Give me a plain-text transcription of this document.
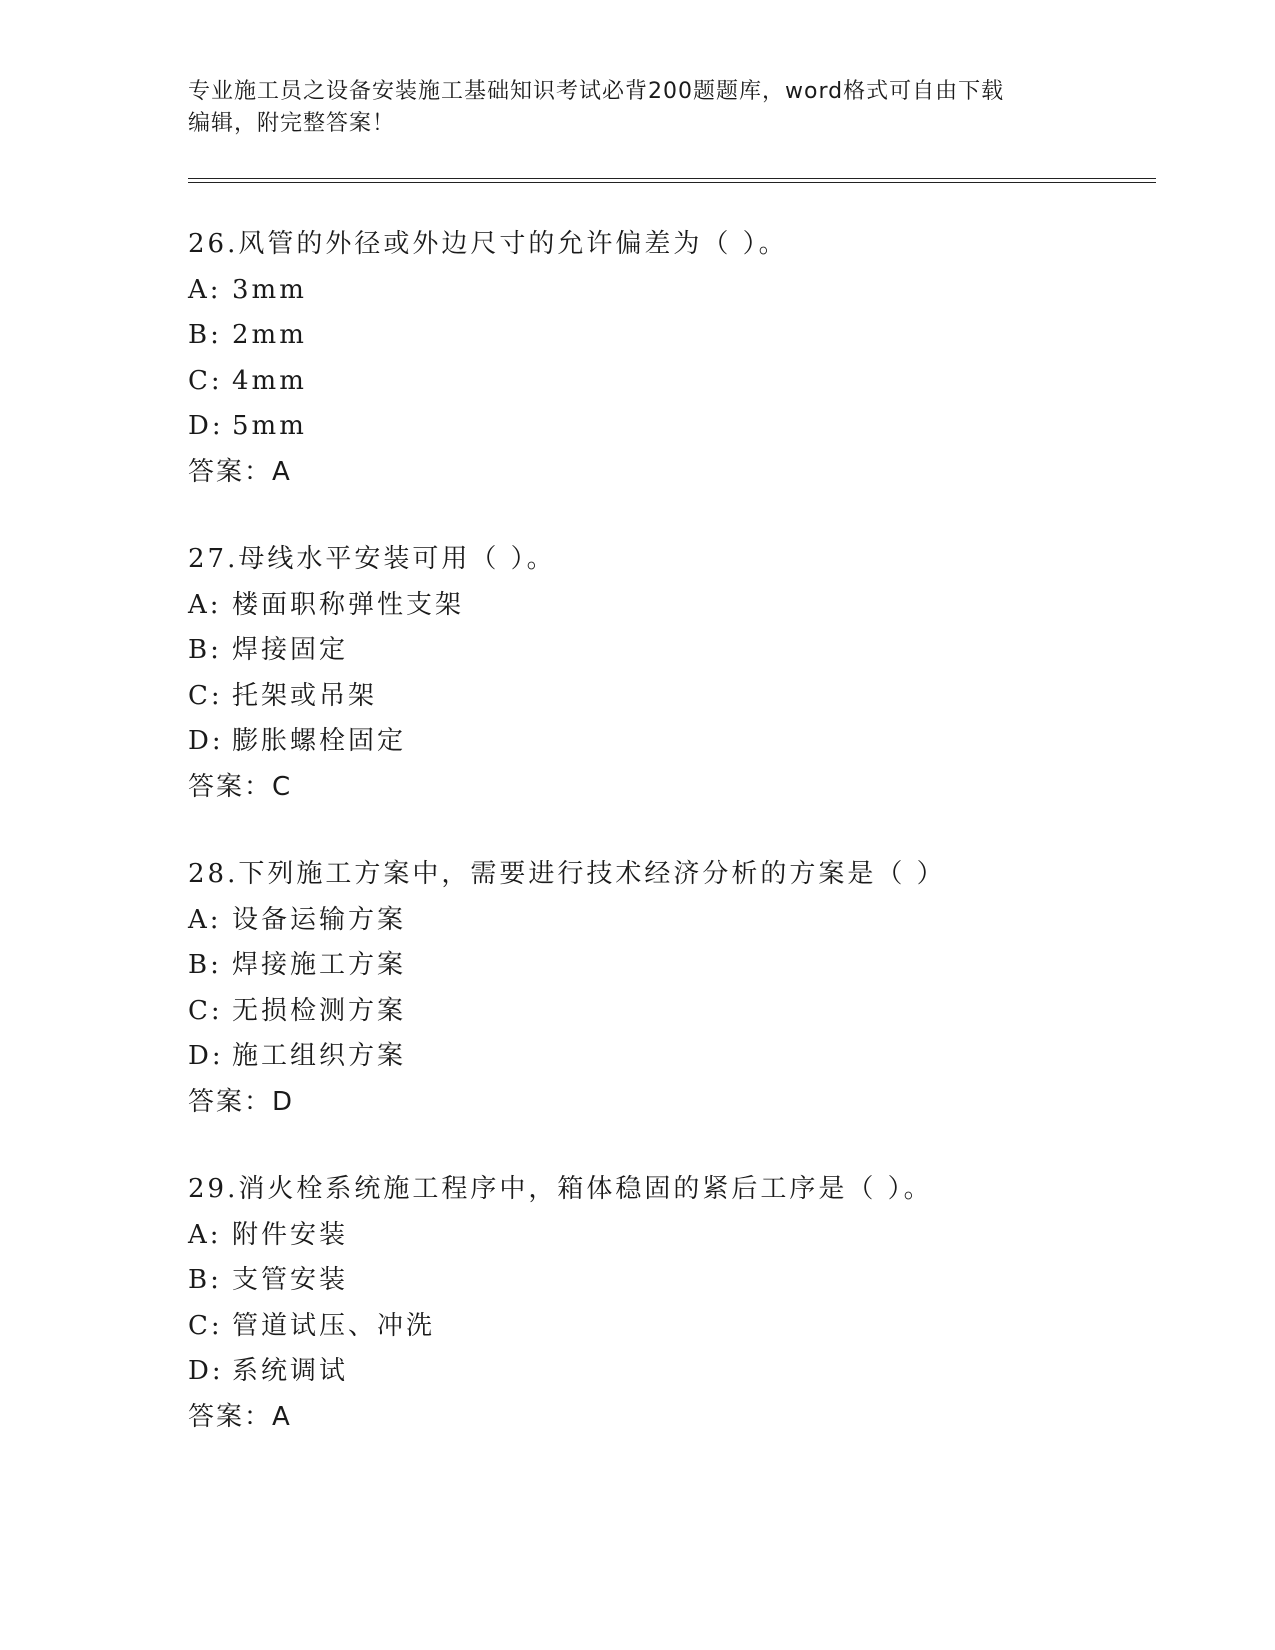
专业施工员之设备安装施工基础知识考试必背200题题库，word格式可自由下载
编辑，附完整答案！
26.风管的外径或外边尺寸的允许偏差为（ ）。
A: 3mm
B: 2mm
C: 4mm
D: 5mm
答案：A
27.母线水平安装可用（ ）。
A: 楼面职称弹性支架
B: 焊接固定
C: 托架或吊架
D: 膨胀螺栓固定
答案：C
28.下列施工方案中，需要进行技术经济分析的方案是（ ）
A: 设备运输方案
B: 焊接施工方案
C: 无损检测方案
D: 施工组织方案
答案：D
29.消火栓系统施工程序中，箱体稳固的紧后工序是（ ）。
A: 附件安装
B: 支管安装
C: 管道试压、冲洗
D: 系统调试
答案：A
